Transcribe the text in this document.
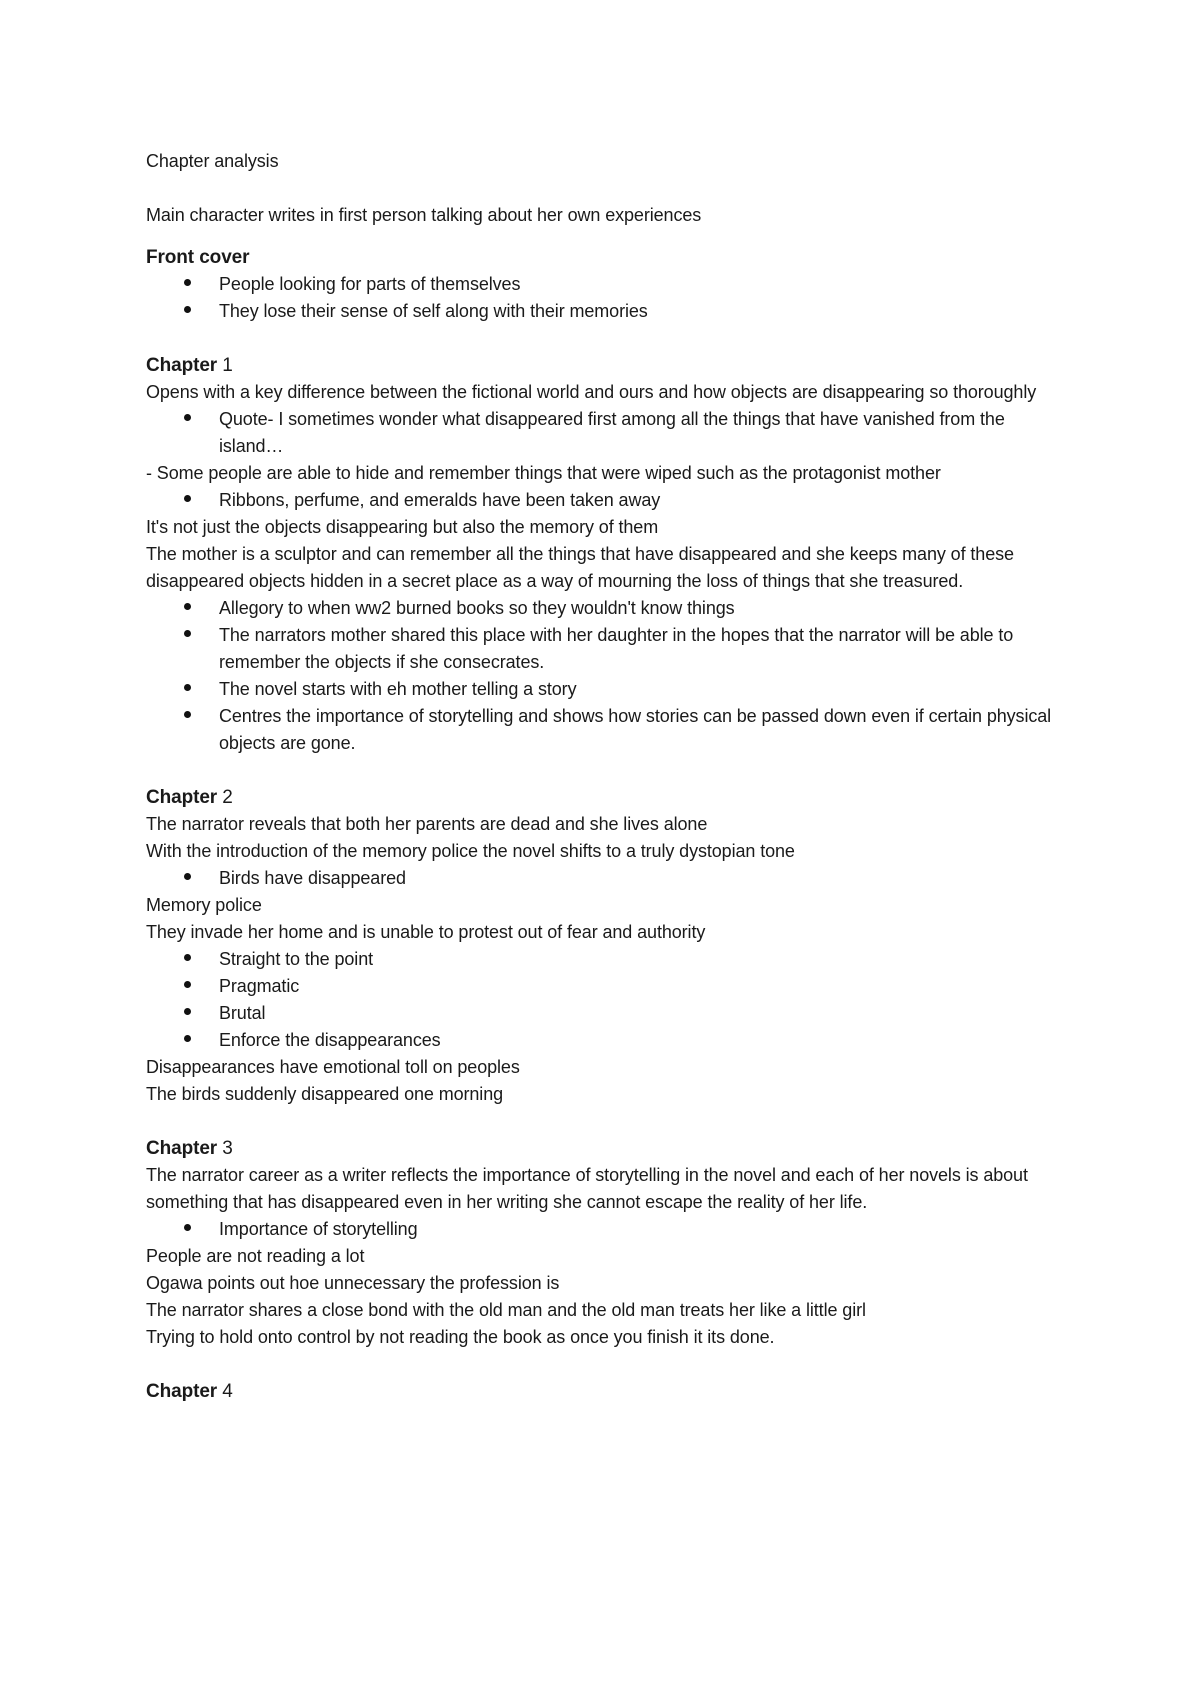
Chapter analysis

Main character writes in first person talking about her own experiences

Front cover

People looking for parts of themselves
They lose their sense of self along with their memories

Chapter 1

Opens with a key difference between the fictional world and ours and how objects are disappearing so thoroughly

Quote- I sometimes wonder what disappeared first among all the things that have vanished from the island…

- Some people are able to hide and remember things that were wiped such as the protagonist mother

Ribbons, perfume, and emeralds have been taken away

It's not just the objects disappearing but also the memory of them

The mother is a sculptor and can remember all the things that have disappeared and she keeps many of these disappeared objects hidden in a secret place as a way of mourning the loss of things that she treasured.

Allegory to when ww2 burned books so they wouldn't know things
The narrators mother shared this place with her daughter in the hopes that the narrator will be able to remember the objects if she consecrates.
The novel starts with eh mother telling a story
Centres the importance of storytelling and shows how stories can be passed down even if certain physical objects are gone.

Chapter 2

The narrator reveals that both her parents are dead and she lives alone

With the introduction of the memory police the novel shifts to a truly dystopian tone

Birds have disappeared

Memory police

They invade her home and is unable to protest out of fear and authority

Straight to the point
Pragmatic
Brutal
Enforce the disappearances

Disappearances have emotional toll on peoples

The birds suddenly disappeared one morning

Chapter 3

The narrator career as a writer reflects the importance of storytelling in the novel and each of her novels is about something that has disappeared even in her writing she cannot escape the reality of her life.

Importance of storytelling

People are not reading a lot

Ogawa points out hoe unnecessary the profession is

The narrator shares a close bond with the old man and the old man treats her like a little girl

Trying to hold onto control by not reading the book as once you finish it its done.

Chapter 4
